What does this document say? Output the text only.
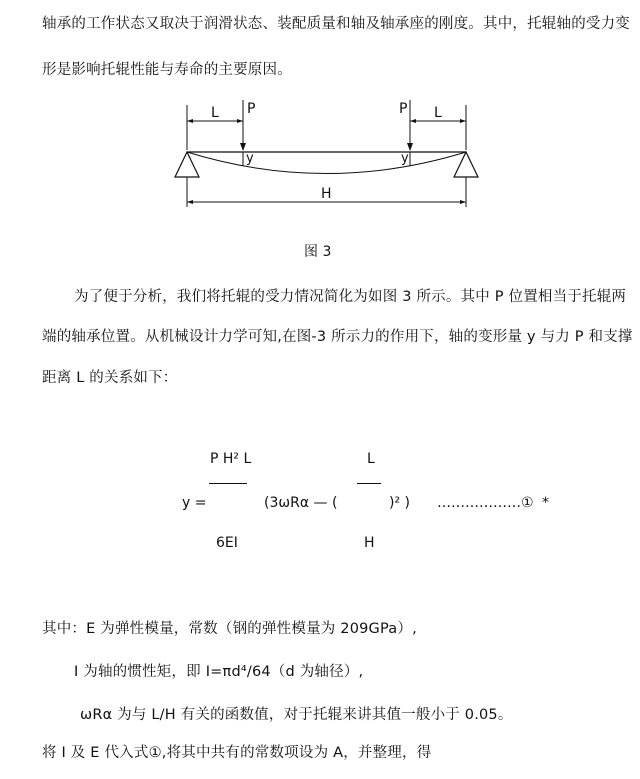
轴承的工作状态又取决于润滑状态、装配质量和轴及轴承座的刚度。其中，托辊轴的受力变
形是影响托辊性能与寿命的主要原因。
L P	P L
y	y
H
图 3
为了便于分析，我们将托辊的受力情况简化为如图 3 所示。其中 P 位置相当于托辊两
端的轴承位置。从机械设计力学可知,在图-3 所示力的作用下，轴的变形量 y 与力 P 和支撑
距离 L 的关系如下：
P H² L
6EI
y =	(3ωRα — (
L
H
)² ) ………………① *
其中：E 为弹性模量，常数（钢的弹性模量为 209GPa）,
I 为轴的惯性矩，即 I=πd⁴/64（d 为轴径）,
ωRα 为与 L/H 有关的函数值，对于托辊来讲其值一般小于 0.05。
将 I 及 E 代入式①,将其中共有的常数项设为 A，并整理，得
